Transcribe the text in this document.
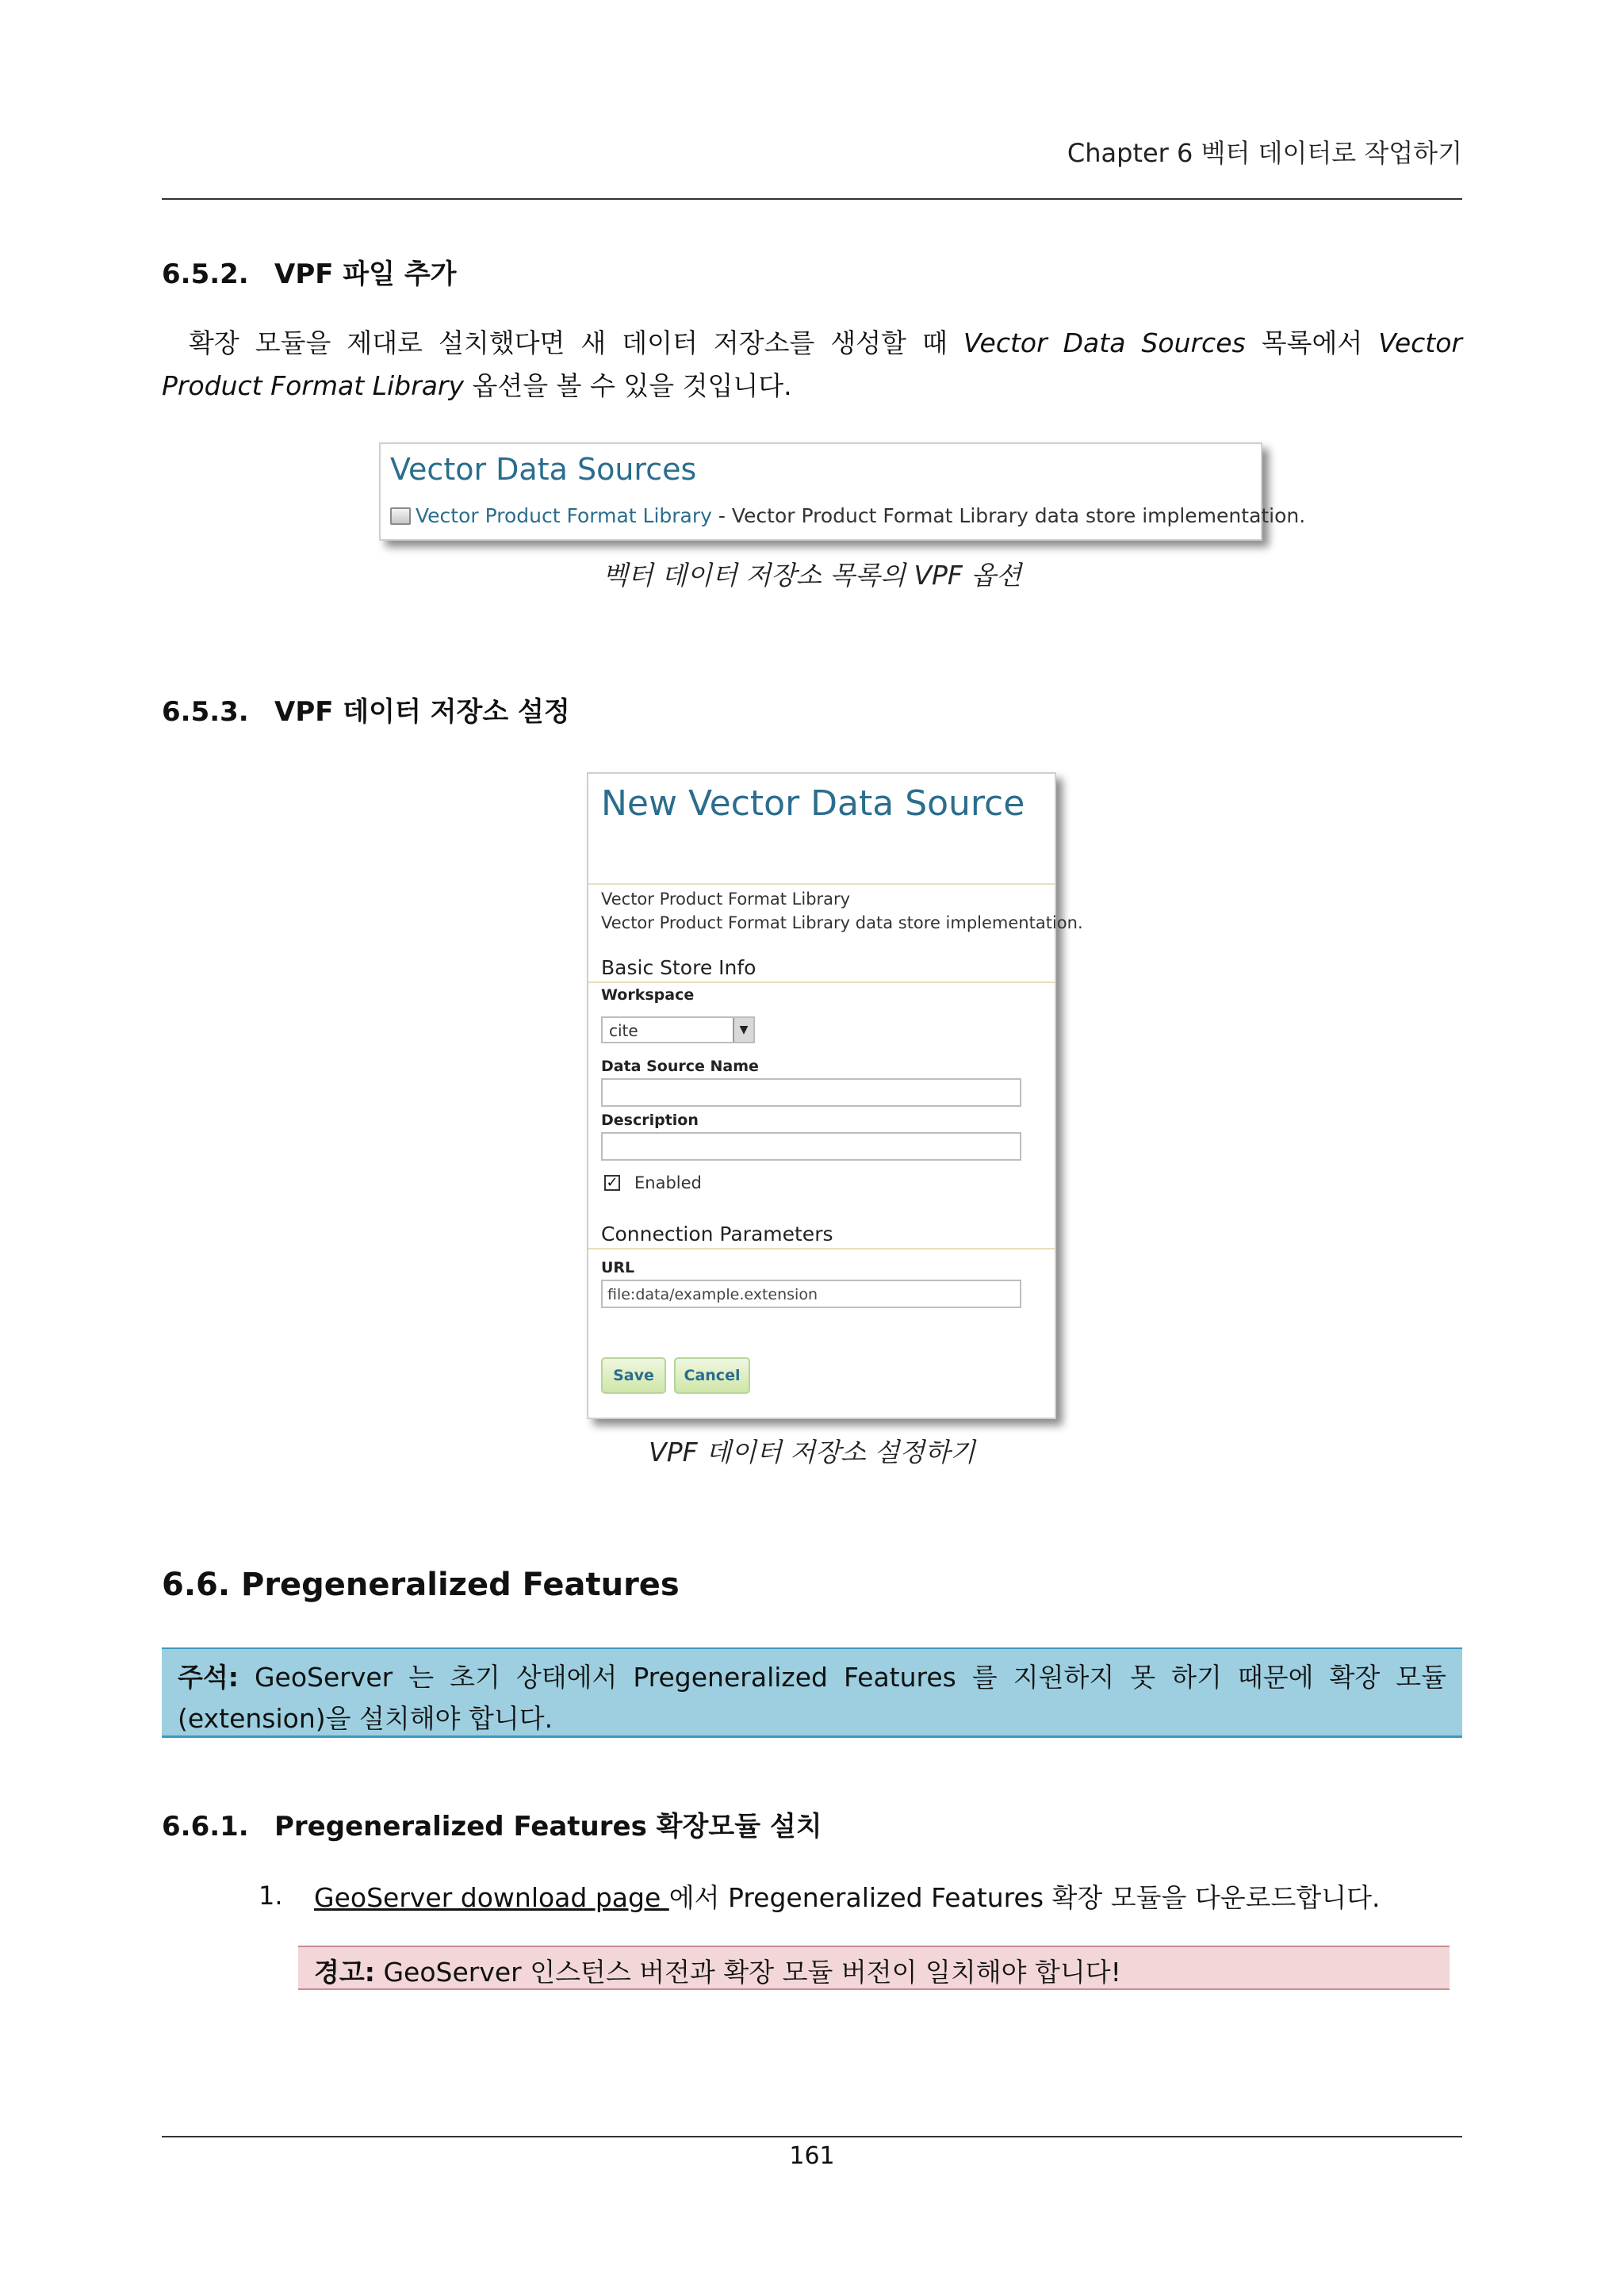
Chapter 6 벡터 데이터로 작업하기
6.5.2. VPF 파일 추가
확장 모듈을 제대로 설치했다면 새 데이터 저장소를 생성할 때 Vector Data Sources 목록에서 Vector Product Format Library 옵션을 볼 수 있을 것입니다.
Vector Data Sources
Vector Product Format Library - Vector Product Format Library data store implementation.
벡터 데이터 저장소 목록의 VPF 옵션
6.5.3. VPF 데이터 저장소 설정
New Vector Data Source
Vector Product Format Library
Vector Product Format Library data store implementation.
Basic Store Info
Workspace
cite	▼
Data Source Name
Description
✓ Enabled
Connection Parameters
URL
file:data/example.extension
Save	Cancel
VPF 데이터 저장소 설정하기
6.6. Pregeneralized Features
주석: GeoServer 는 초기 상태에서 Pregeneralized Features 를 지원하지 못 하기 때문에 확장 모듈(extension)을 설치해야 합니다.
6.6.1. Pregeneralized Features 확장모듈 설치
1. GeoServer download page 에서 Pregeneralized Features 확장 모듈을 다운로드합니다.
경고: GeoServer 인스턴스 버전과 확장 모듈 버전이 일치해야 합니다!
161
